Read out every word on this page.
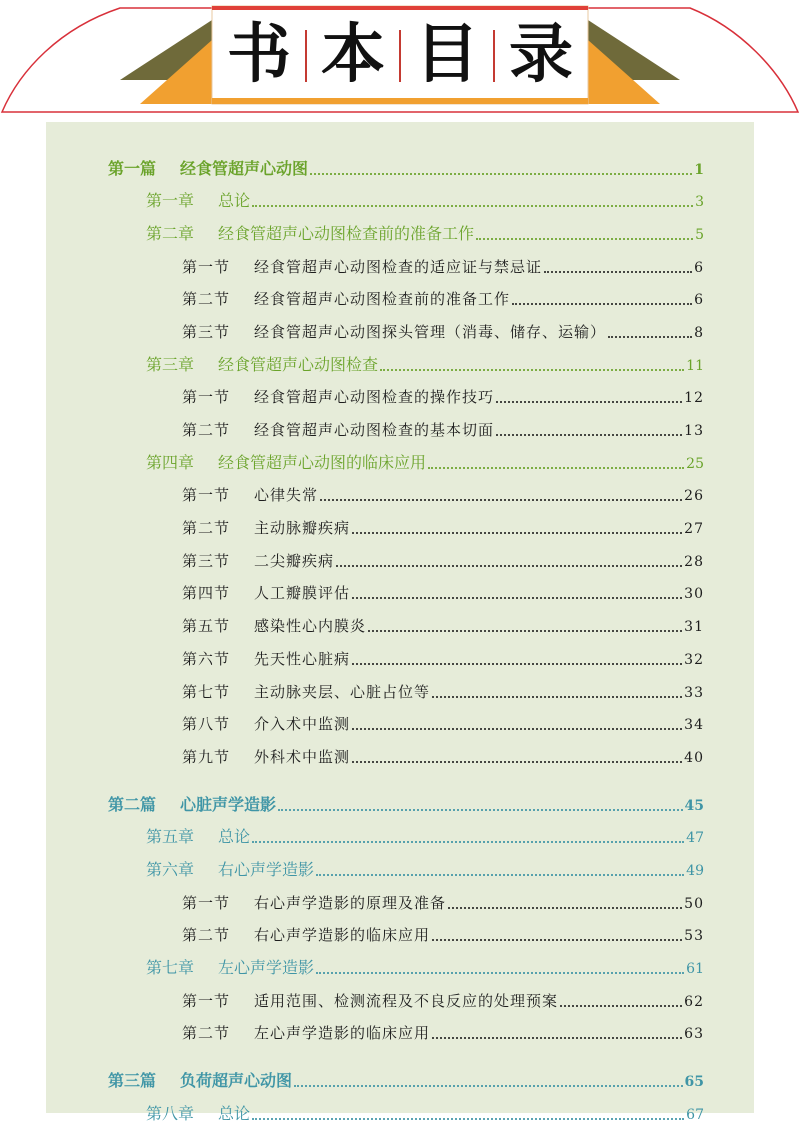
书 本 目 录
第一篇	经食管超声心动图	1
第一章	总论	3
第二章	经食管超声心动图检查前的准备工作	5
第一节	经食管超声心动图检查的适应证与禁忌证	6
第二节	经食管超声心动图检查前的准备工作	6
第三节	经食管超声心动图探头管理（消毒、储存、运输）	8
第三章	经食管超声心动图检查	11
第一节	经食管超声心动图检查的操作技巧	12
第二节	经食管超声心动图检查的基本切面	13
第四章	经食管超声心动图的临床应用	25
第一节	心律失常	26
第二节	主动脉瓣疾病	27
第三节	二尖瓣疾病	28
第四节	人工瓣膜评估	30
第五节	感染性心内膜炎	31
第六节	先天性心脏病	32
第七节	主动脉夹层、心脏占位等	33
第八节	介入术中监测	34
第九节	外科术中监测	40
第二篇	心脏声学造影	45
第五章	总论	47
第六章	右心声学造影	49
第一节	右心声学造影的原理及准备	50
第二节	右心声学造影的临床应用	53
第七章	左心声学造影	61
第一节	适用范围、检测流程及不良反应的处理预案	62
第二节	左心声学造影的临床应用	63
第三篇	负荷超声心动图	65
第八章	总论	67
